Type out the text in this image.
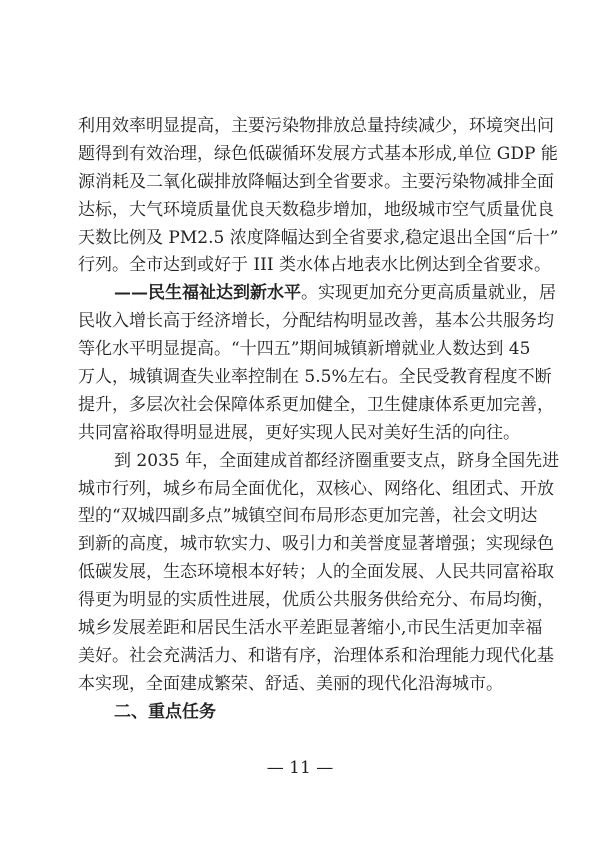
利用效率明显提高，主要污染物排放总量持续减少，环境突出问
题得到有效治理，绿色低碳循环发展方式基本形成,单位 GDP 能
源消耗及二氧化碳排放降幅达到全省要求。主要污染物减排全面
达标，大气环境质量优良天数稳步增加，地级城市空气质量优良
天数比例及 PM2.5 浓度降幅达到全省要求,稳定退出全国“后十”
行列。全市达到或好于 III 类水体占地表水比例达到全省要求。
——民生福祉达到新水平。实现更加充分更高质量就业，居
民收入增长高于经济增长，分配结构明显改善，基本公共服务均
等化水平明显提高。“十四五”期间城镇新增就业人数达到 45
万人，城镇调查失业率控制在 5.5%左右。全民受教育程度不断
提升，多层次社会保障体系更加健全，卫生健康体系更加完善，
共同富裕取得明显进展，更好实现人民对美好生活的向往。
到 2035 年，全面建成首都经济圈重要支点，跻身全国先进
城市行列，城乡布局全面优化，双核心、网络化、组团式、开放
型的“双城四副多点”城镇空间布局形态更加完善，社会文明达
到新的高度，城市软实力、吸引力和美誉度显著增强；实现绿色
低碳发展，生态环境根本好转；人的全面发展、人民共同富裕取
得更为明显的实质性进展，优质公共服务供给充分、布局均衡，
城乡发展差距和居民生活水平差距显著缩小,市民生活更加幸福
美好。社会充满活力、和谐有序，治理体系和治理能力现代化基
本实现，全面建成繁荣、舒适、美丽的现代化沿海城市。
二、重点任务
— 11 —
